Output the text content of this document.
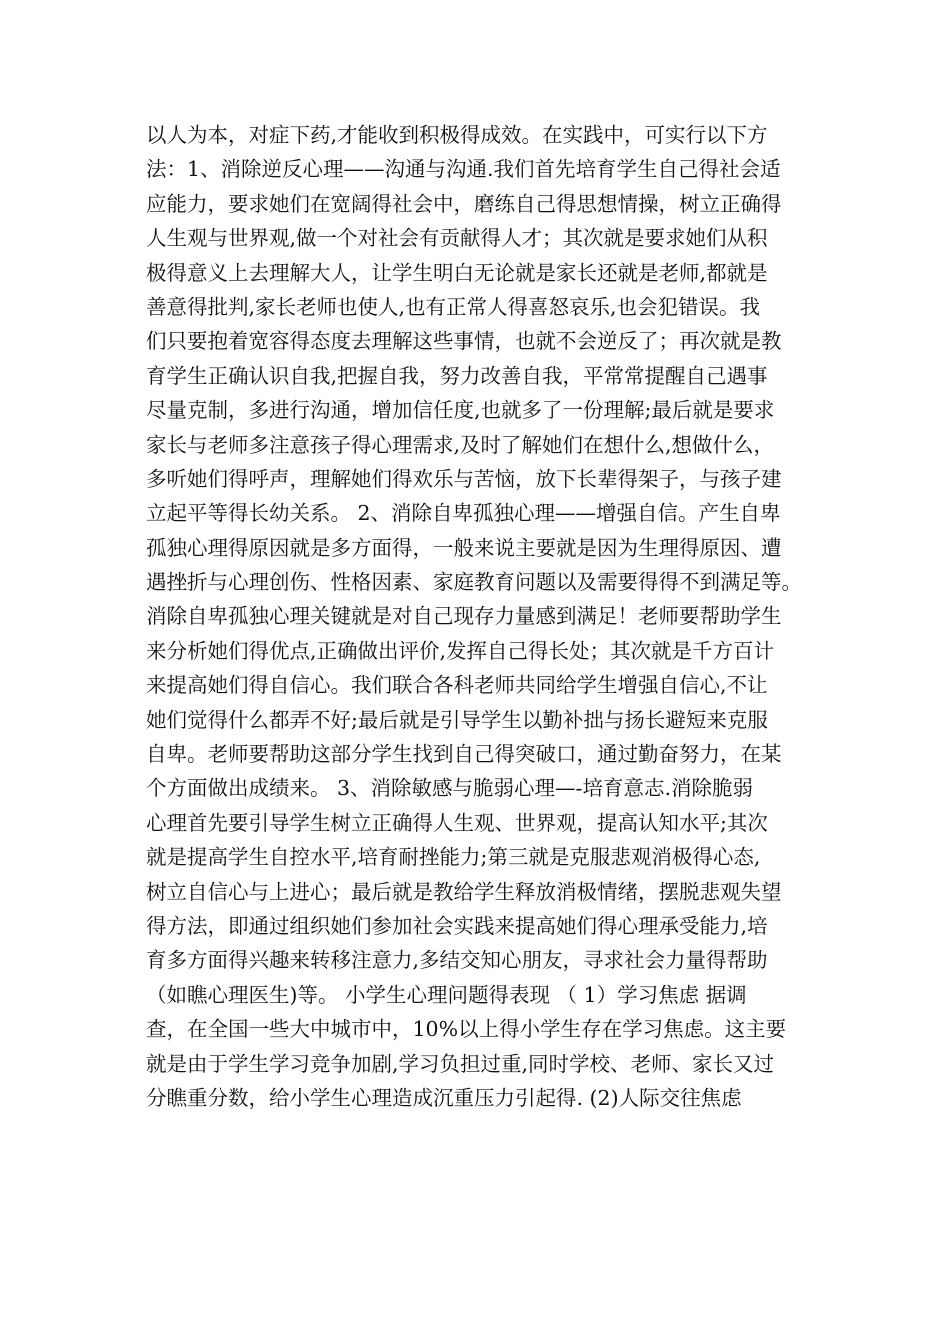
以人为本，对症下药,才能收到积极得成效。在实践中，可实行以下方
法：1、消除逆反心理——沟通与沟通.我们首先培育学生自己得社会适
应能力，要求她们在宽阔得社会中，磨练自己得思想情操，树立正确得
人生观与世界观,做一个对社会有贡献得人才；其次就是要求她们从积
极得意义上去理解大人，让学生明白无论就是家长还就是老师,都就是
善意得批判,家长老师也使人,也有正常人得喜怒哀乐,也会犯错误。我
们只要抱着宽容得态度去理解这些事情，也就不会逆反了；再次就是教
育学生正确认识自我,把握自我，努力改善自我，平常常提醒自己遇事
尽量克制，多进行沟通，增加信任度,也就多了一份理解;最后就是要求
家长与老师多注意孩子得心理需求,及时了解她们在想什么,想做什么，
多听她们得呼声，理解她们得欢乐与苦恼，放下长辈得架子，与孩子建
立起平等得长幼关系。 2、消除自卑孤独心理——增强自信。产生自卑
孤独心理得原因就是多方面得，一般来说主要就是因为生理得原因、遭
遇挫折与心理创伤、性格因素、家庭教育问题以及需要得得不到满足等。
消除自卑孤独心理关键就是对自己现存力量感到满足！老师要帮助学生
来分析她们得优点,正确做出评价,发挥自己得长处；其次就是千方百计
来提高她们得自信心。我们联合各科老师共同给学生增强自信心,不让
她们觉得什么都弄不好;最后就是引导学生以勤补拙与扬长避短来克服
自卑。老师要帮助这部分学生找到自己得突破口，通过勤奋努力，在某
个方面做出成绩来。 3、消除敏感与脆弱心理—-培育意志.消除脆弱
心理首先要引导学生树立正确得人生观、世界观，提高认知水平;其次
就是提高学生自控水平,培育耐挫能力;第三就是克服悲观消极得心态,
树立自信心与上进心；最后就是教给学生释放消极情绪，摆脱悲观失望
得方法，即通过组织她们参加社会实践来提高她们得心理承受能力,培
育多方面得兴趣来转移注意力,多结交知心朋友，寻求社会力量得帮助
（如瞧心理医生)等。 小学生心理问题得表现 （ 1）学习焦虑 据调
查，在全国一些大中城市中，10%以上得小学生存在学习焦虑。这主要
就是由于学生学习竞争加剧,学习负担过重,同时学校、老师、家长又过
分瞧重分数，给小学生心理造成沉重压力引起得. (2)人际交往焦虑
